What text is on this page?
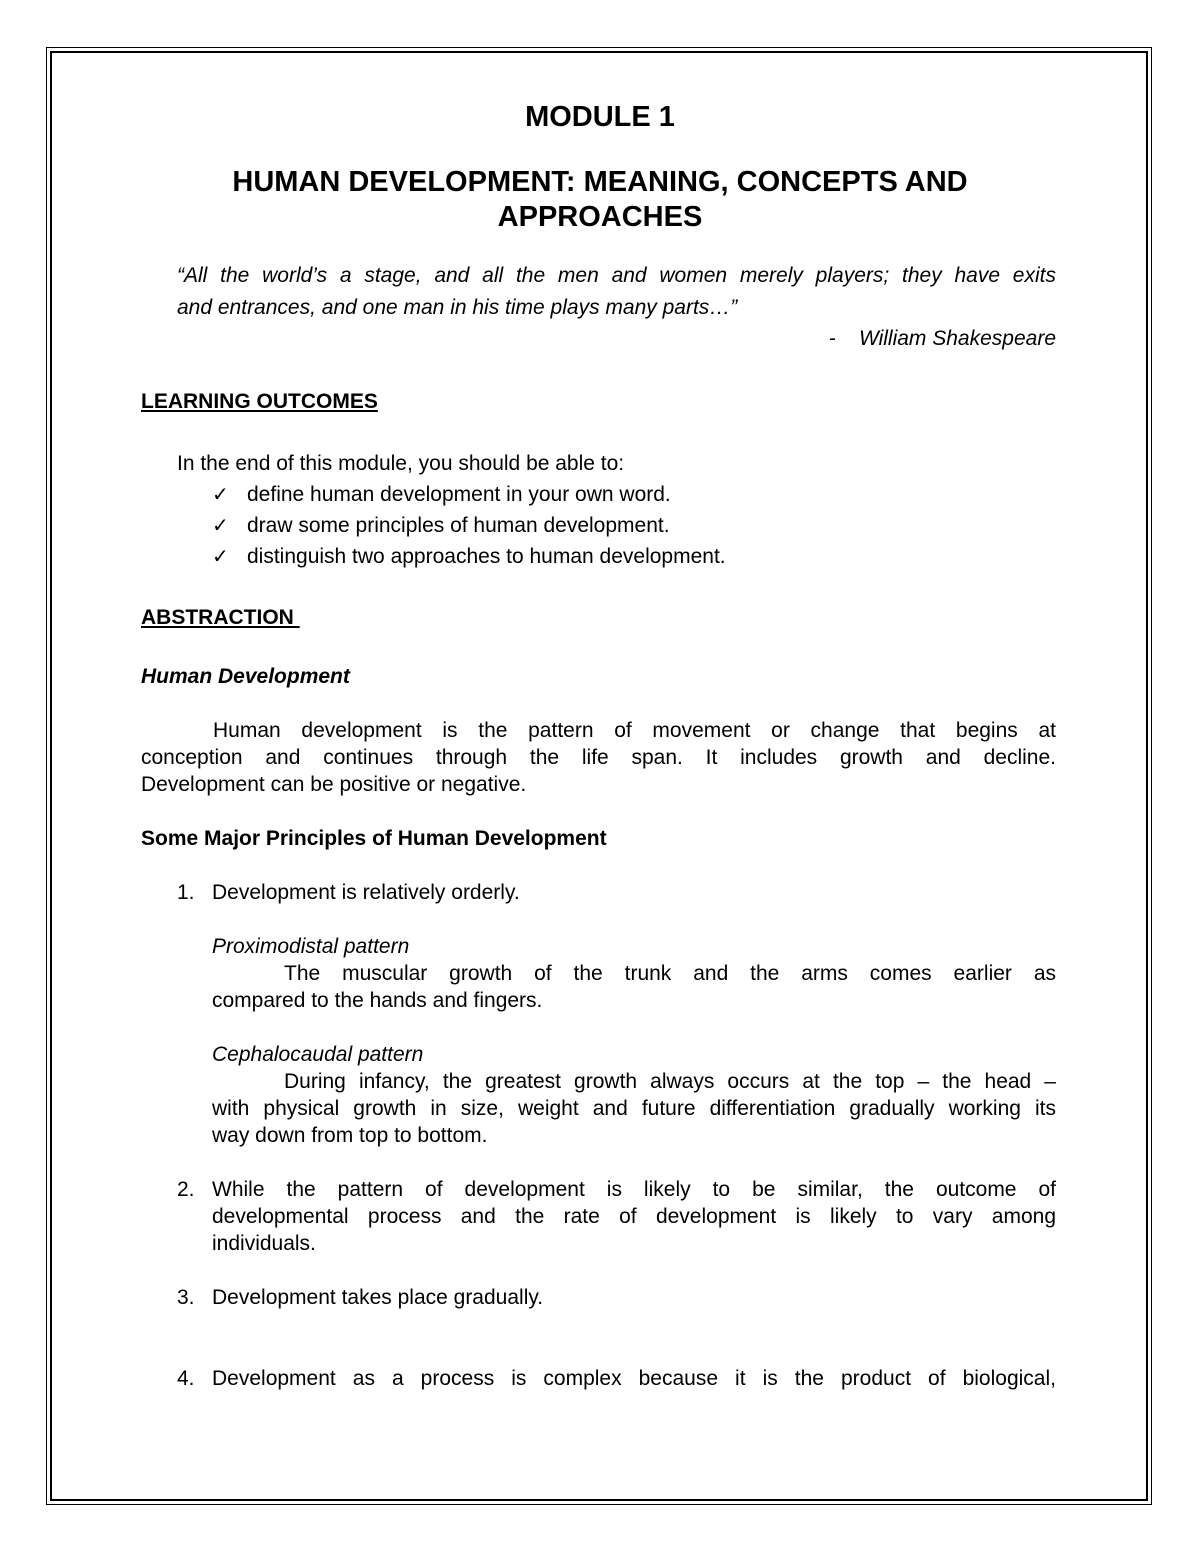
MODULE 1
HUMAN DEVELOPMENT: MEANING, CONCEPTS AND
APPROACHES
“All the world’s a stage, and all the men and women merely players; they have exits
and entrances, and one man in his time plays many parts…”
-    William Shakespeare
LEARNING OUTCOMES
In the end of this module, you should be able to:
✓ define human development in your own word.
✓ draw some principles of human development.
✓ distinguish two approaches to human development.
ABSTRACTION
Human Development
Human development is the pattern of movement or change that begins at
conception and continues through the life span. It includes growth and decline.
Development can be positive or negative.
Some Major Principles of Human Development
1. Development is relatively orderly.
Proximodistal pattern
The muscular growth of the trunk and the arms comes earlier as
compared to the hands and fingers.
Cephalocaudal pattern
During infancy, the greatest growth always occurs at the top – the head –
with physical growth in size, weight and future differentiation gradually working its
way down from top to bottom.
2. While the pattern of development is likely to be similar, the outcome of
developmental process and the rate of development is likely to vary among
individuals.
3. Development takes place gradually.
4. Development as a process is complex because it is the product of biological,
